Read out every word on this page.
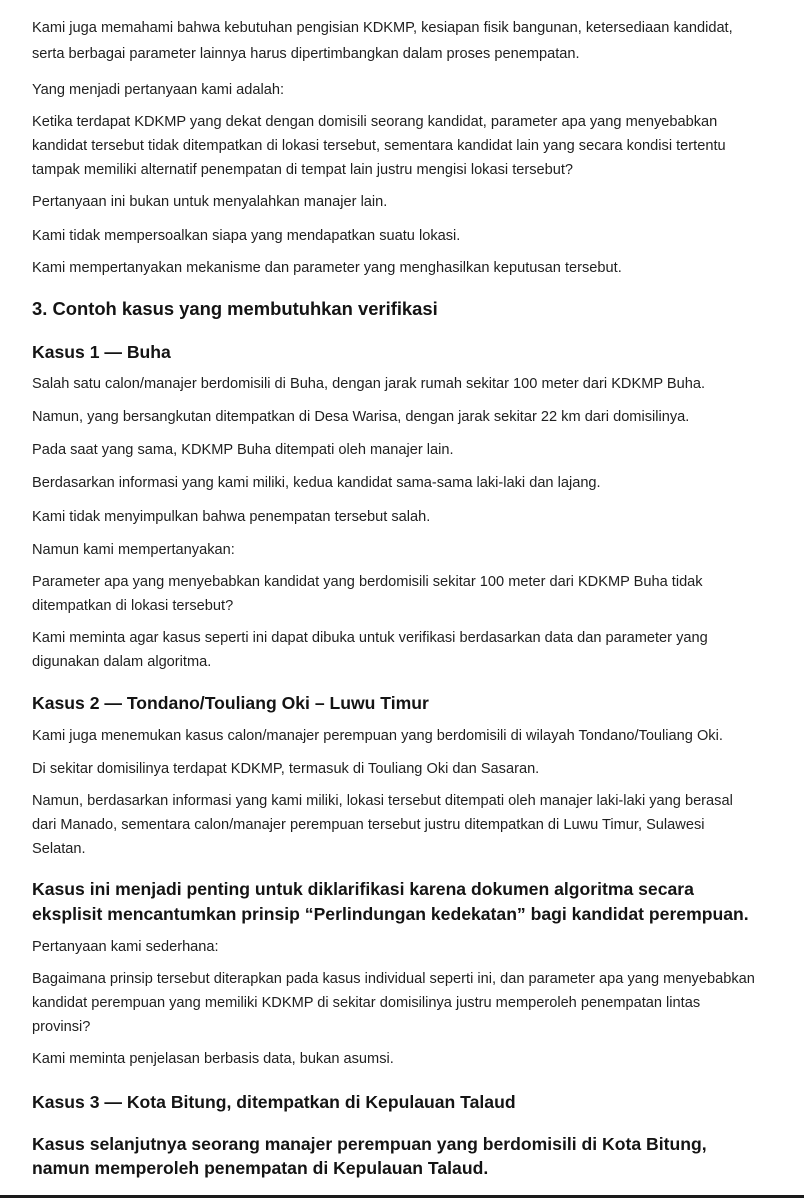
Kami juga memahami bahwa kebutuhan pengisian KDKMP, kesiapan fisik bangunan, ketersediaan kandidat,

serta berbagai parameter lainnya harus dipertimbangkan dalam proses penempatan.

Yang menjadi pertanyaan kami adalah:

Ketika terdapat KDKMP yang dekat dengan domisili seorang kandidat, parameter apa yang menyebabkan

kandidat tersebut tidak ditempatkan di lokasi tersebut, sementara kandidat lain yang secara kondisi tertentu

tampak memiliki alternatif penempatan di tempat lain justru mengisi lokasi tersebut?

Pertanyaan ini bukan untuk menyalahkan manajer lain.

Kami tidak mempersoalkan siapa yang mendapatkan suatu lokasi.

Kami mempertanyakan mekanisme dan parameter yang menghasilkan keputusan tersebut.

3. Contoh kasus yang membutuhkan verifikasi
Kasus 1 — Buha

Salah satu calon/manajer berdomisili di Buha, dengan jarak rumah sekitar 100 meter dari KDKMP Buha.

Namun, yang bersangkutan ditempatkan di Desa Warisa, dengan jarak sekitar 22 km dari domisilinya.

Pada saat yang sama, KDKMP Buha ditempati oleh manajer lain.

Berdasarkan informasi yang kami miliki, kedua kandidat sama-sama laki-laki dan lajang.

Kami tidak menyimpulkan bahwa penempatan tersebut salah.

Namun kami mempertanyakan:

Parameter apa yang menyebabkan kandidat yang berdomisili sekitar 100 meter dari KDKMP Buha tidak

ditempatkan di lokasi tersebut?

Kami meminta agar kasus seperti ini dapat dibuka untuk verifikasi berdasarkan data dan parameter yang

digunakan dalam algoritma.

Kasus 2 — Tondano/Touliang Oki – Luwu Timur

Kami juga menemukan kasus calon/manajer perempuan yang berdomisili di wilayah Tondano/Touliang Oki.

Di sekitar domisilinya terdapat KDKMP, termasuk di Touliang Oki dan Sasaran.

Namun, berdasarkan informasi yang kami miliki, lokasi tersebut ditempati oleh manajer laki-laki yang berasal

dari Manado, sementara calon/manajer perempuan tersebut justru ditempatkan di Luwu Timur, Sulawesi

Selatan.

Kasus ini menjadi penting untuk diklarifikasi karena dokumen algoritma secara

eksplisit mencantumkan prinsip “Perlindungan kedekatan” bagi kandidat perempuan.

Pertanyaan kami sederhana:

Bagaimana prinsip tersebut diterapkan pada kasus individual seperti ini, dan parameter apa yang menyebabkan

kandidat perempuan yang memiliki KDKMP di sekitar domisilinya justru memperoleh penempatan lintas

provinsi?

Kami meminta penjelasan berbasis data, bukan asumsi.

Kasus 3 — Kota Bitung, ditempatkan di Kepulauan Talaud

Kasus selanjutnya seorang manajer perempuan yang berdomisili di Kota Bitung,

namun memperoleh penempatan di Kepulauan Talaud.
